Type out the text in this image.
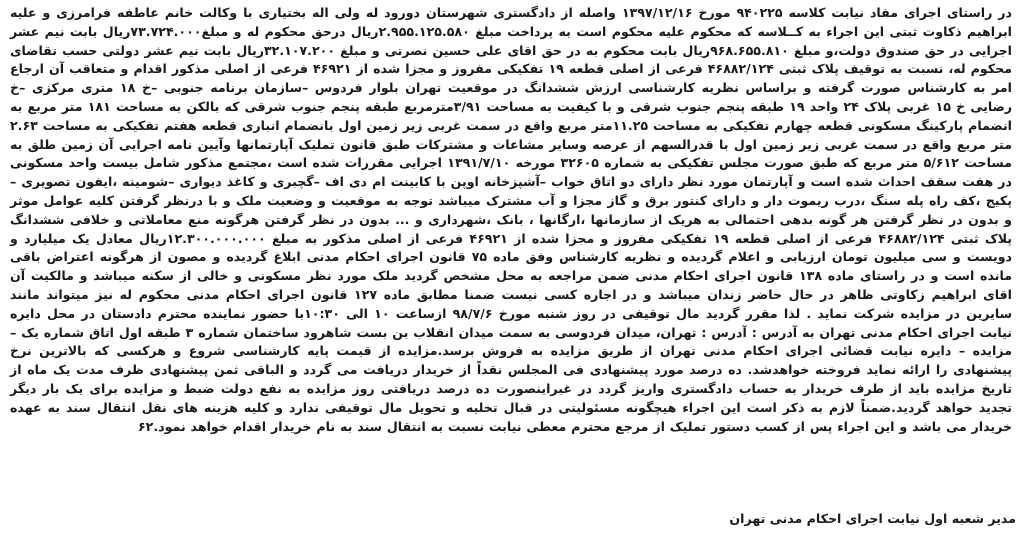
در راستای اجرای مفاد نیابت کلاسه ۹۴۰۲۲۵ مورخ ۱۳۹۷/۱۲/۱۶ واصله از دادگستری شهرستان دورود له ولی اله بختیاری با وکالت خانم عاطفه فرامرزی و علیه ابراهیم ذکاوت ثبتی این اجراء به کــلاسه که محکوم علیه محکوم است به پرداخت مبلغ ۲.۹۵۵.۱۲۵.۵۸۰ریال درحق محکوم له و مبلغ۷۳.۷۲۴.۰۰۰ریال بابت نیم عشر اجرایی در حق صندوق دولت،و مبلغ ۹۶۸.۶۵۵.۸۱۰ریال بابت محکوم به در حق اقای علی حسین نصرتی و مبلغ ۳۲.۱۰۷.۲۰۰ریال بابت نیم عشر دولتی حسب تقاضای محکوم له، نسبت به توقیف پلاک ثبتی ۴۶۸۸۲/۱۲۴ فرعی از اصلی قطعه ۱۹ تفکیکی مفروز و مجزا شده از ۴۶۹۲۱ فرعی از اصلی مذکور اقدام و متعاقب آن ارجاع امر به کارشناس صورت گرفته و براساس نظریه کارشناسی ارزش ششدانگ در موقعیت تهران بلوار فردوس –سازمان برنامه جنوبی –خ ۱۸ متری مرکزی –خ رضایی خ ۱۵ غربی پلاک ۲۴ واحد ۱۹ طبقه پنجم جنوب شرقی و با کیفیت به مساحت ۳/۹۱مترمربع طبقه پنجم جنوب شرقی که بالکن به مساحت ۱۸۱ متر مربع به انضمام پارکینگ مسکونی قطعه چهارم تفکیکی به مساحت ۱۱.۲۵متر مربع واقع در سمت غربی زیر زمین اول بانضمام انباری قطعه هفتم تفکیکی به مساحت ۲.۶۳ متر مربع واقع در سمت غربی زیر زمین اول با قدرالسهم از عرصه وسایر مشاعات و مشترکات طبق قانون تملیک آپارتمانها وآیین نامه اجرایی آن زمین طلق به مساحت ۵/۶۱۲ متر مربع که طبق صورت مجلس تفکیکی به شماره ۳۲۶۰۵ مورخه ۱۳۹۱/۷/۱۰ اجرایی مقررات شده است ،مجتمع مذکور شامل بیست واحد مسکونی در هفت سقف احداث شده است و آپارتمان مورد نظر دارای دو اتاق خواب –آشپزخانه اوپن با کابینت ام دی اف –گچبری و کاغذ دیواری –شومینه ،ایفون تصویری –پکیج ،کف راه پله سنگ ،درب ریموت دار و دارای کنتور برق و گاز مجزا و آب مشترک میباشد توجه به موقعیت و وضعیت ملک و با درنظر گرفتن کلیه عوامل موثر و بدون در نظر گرفتن هر گونه بدهی احتمالی به هریک از سازمانها ،ارگانها ، بانک ،شهرداری و ... بدون در نظر گرفتن هرگونه منع معاملاتی و خلافی ششدانگ پلاک ثبتی ۴۶۸۸۲/۱۲۴ فرعی از اصلی قطعه ۱۹ تفکیکی مفروز و مجزا شده از ۴۶۹۲۱ فرعی از اصلی مذکور به مبلغ ۱۲.۳۰۰.۰۰۰.۰۰۰ریال معادل یک میلیارد و دویست و سی میلیون تومان ارزیابی و اعلام گردیده و نظریه کارشناس وفق ماده ۷۵ قانون اجرای احکام مدنی ابلاغ گردیده و مصون از هرگونه اعتراض باقی مانده است و در راستای ماده ۱۳۸ قانون اجرای احکام مدنی ضمن مراجعه به محل مشخص گردید ملک مورد نظر مسکونی و خالی از سکنه میباشد و مالکیت آن اقای ابراهیم زکاوتی ظاهر در حال حاضر زندان میباشد و در اجاره کسی نیست ضمنا مطابق ماده ۱۲۷ قانون اجرای احکام مدنی محکوم له نیز میتواند مانند سایرین در مزایده شرکت نماید . لذا مقرر گردید مال توقیفی در روز شنبه مورخ ۹۸/۷/۶ ازساعت ۱۰ الی ۱۰:۳۰با حضور نماینده محترم دادستان در محل دایره نیابت اجرای احکام مدنی تهران به آدرس : آدرس : تهران، میدان فردوسی به سمت میدان انقلاب بن بست شاهرود ساختمان شماره ۳ طبقه اول اتاق شماره یک –مزایده – دایره نیابت قضائی اجرای احکام مدنی تهران از طریق مزایده به فروش برسد.مزایده از قیمت پایه کارشناسی شروع و هرکسی که بالاترین نرخ پیشنهادی را ارائه نماید فروخته خواهدشد. ده درصد مورد پیشنهادی فی المجلس نقداً از خریدار دریافت می گردد و الباقی ثمن پیشنهادی ظرف مدت یک ماه از تاریخ مزایده باید از طرف خریدار به حساب دادگستری واریز گردد در غیراینصورت ده درصد دریافتی روز مزایده به نفع دولت ضبط و مزایده برای یک بار دیگر تجدید خواهد گردید.ضمناً لازم به ذکر است این اجراء هیچگونه مسئولیتی در قبال تخلیه و تحویل مال توقیفی ندارد و کلیه هزینه های نقل انتقال سند به عهده خریدار می باشد و این اجراء پس از کسب دستور تملیک از مرجع محترم معطی نیابت نسبت به انتقال سند به نام خریدار اقدام خواهد نمود.۶۲

مدیر شعبه اول نیابت اجرای احکام مدنی تهران
